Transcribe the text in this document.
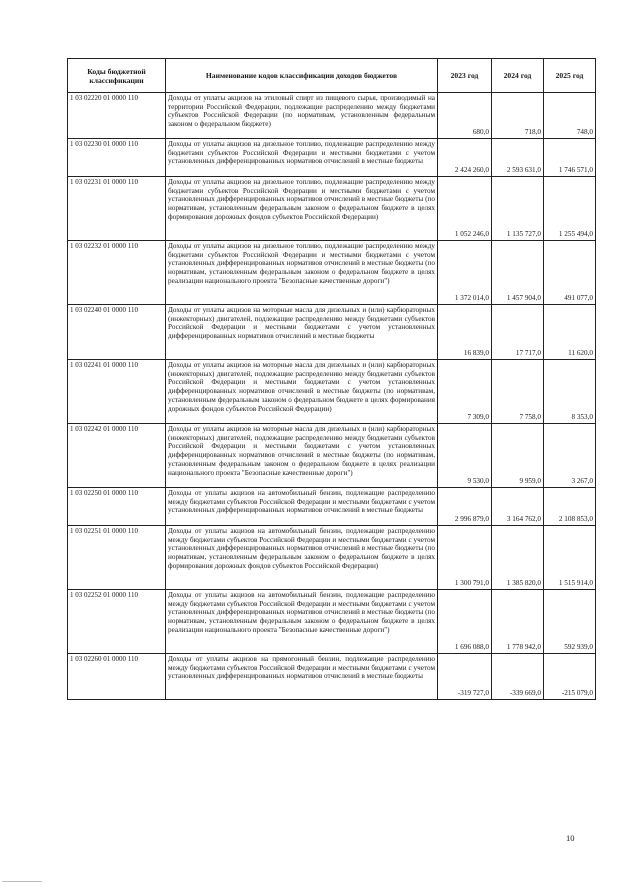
Коды бюджетной классификации	Наименование кодов классификации доходов бюджетов	2023 год	2024 год	2025 год
1 03 02220 01 0000 110	Доходы от уплаты акцизов на этиловый спирт из пищевого сырья, производимый на территории Российской Федерации, подлежащие распределению между бюджетами субъектов Российской Федерации (по нормативам, установленным федеральным законом о федеральном бюджете)	680,0	718,0	748,0
1 03 02230 01 0000 110	Доходы от уплаты акцизов на дизельное топливо, подлежащие распределению между бюджетами субъектов Российской Федерации и местными бюджетами с учетом установленных дифференцированных нормативов отчислений в местные бюджеты	2 424 260,0	2 593 631,0	1 746 571,0
1 03 02231 01 0000 110	Доходы от уплаты акцизов на дизельное топливо, подлежащие распределению между бюджетами субъектов Российской Федерации и местными бюджетами с учетом установленных дифференцированных нормативов отчислений в местные бюджеты (по нормативам, установленным федеральным законом о федеральном бюджете в целях формирования дорожных фондов субъектов Российской Федерации)	1 052 246,0	1 135 727,0	1 255 494,0
1 03 02232 01 0000 110	Доходы от уплаты акцизов на дизельное топливо, подлежащие распределению между бюджетами субъектов Российской Федерации и местными бюджетами с учетом установленных дифференцированных нормативов отчислений в местные бюджеты (по нормативам, установленным федеральным законом о федеральном бюджете в целях реализации национального проекта "Безопасные качественные дороги")	1 372 014,0	1 457 904,0	491 077,0
1 03 02240 01 0000 110	Доходы от уплаты акцизов на моторные масла для дизельных и (или) карбюраторных (инжекторных) двигателей, подлежащие распределению между бюджетами субъектов Российской Федерации и местными бюджетами с учетом установленных дифференцированных нормативов отчислений в местные бюджеты	16 839,0	17 717,0	11 620,0
1 03 02241 01 0000 110	Доходы от уплаты акцизов на моторные масла для дизельных и (или) карбюраторных (инжекторных) двигателей, подлежащие распределению между бюджетами субъектов Российской Федерации и местными бюджетами с учетом установленных дифференцированных нормативов отчислений в местные бюджеты (по нормативам, установленным федеральным законом о федеральном бюджете в целях формирования дорожных фондов субъектов Российской Федерации)	7 309,0	7 758,0	8 353,0
1 03 02242 01 0000 110	Доходы от уплаты акцизов на моторные масла для дизельных и (или) карбюраторных (инжекторных) двигателей, подлежащие распределению между бюджетами субъектов Российской Федерации и местными бюджетами с учетом установленных дифференцированных нормативов отчислений в местные бюджеты (по нормативам, установленным федеральным законом о федеральном бюджете в целях реализации национального проекта "Безопасные качественные дороги")	9 530,0	9 959,0	3 267,0
1 03 02250 01 0000 110	Доходы от уплаты акцизов на автомобильный бензин, подлежащие распределению между бюджетами субъектов Российской Федерации и местными бюджетами с учетом установленных дифференцированных нормативов отчислений в местные бюджеты	2 996 879,0	3 164 762,0	2 108 853,0
1 03 02251 01 0000 110	Доходы от уплаты акцизов на автомобильный бензин, подлежащие распределению между бюджетами субъектов Российской Федерации и местными бюджетами с учетом установленных дифференцированных нормативов отчислений в местные бюджеты (по нормативам, установленным федеральным законом о федеральном бюджете в целях формирования дорожных фондов субъектов Российской Федерации)	1 300 791,0	1 385 820,0	1 515 914,0
1 03 02252 01 0000 110	Доходы от уплаты акцизов на автомобильный бензин, подлежащие распределению между бюджетами субъектов Российской Федерации и местными бюджетами с учетом установленных дифференцированных нормативов отчислений в местные бюджеты (по нормативам, установленным федеральным законом о федеральном бюджете в целях реализации национального проекта "Безопасные качественные дороги")	1 696 088,0	1 778 942,0	592 939,0
1 03 02260 01 0000 110	Доходы от уплаты акцизов на прямогонный бензин, подлежащие распределению между бюджетами субъектов Российской Федерации и местными бюджетами с учетом установленных дифференцированных нормативов отчислений в местные бюджеты	-319 727,0	-339 669,0	-215 079,0
10
